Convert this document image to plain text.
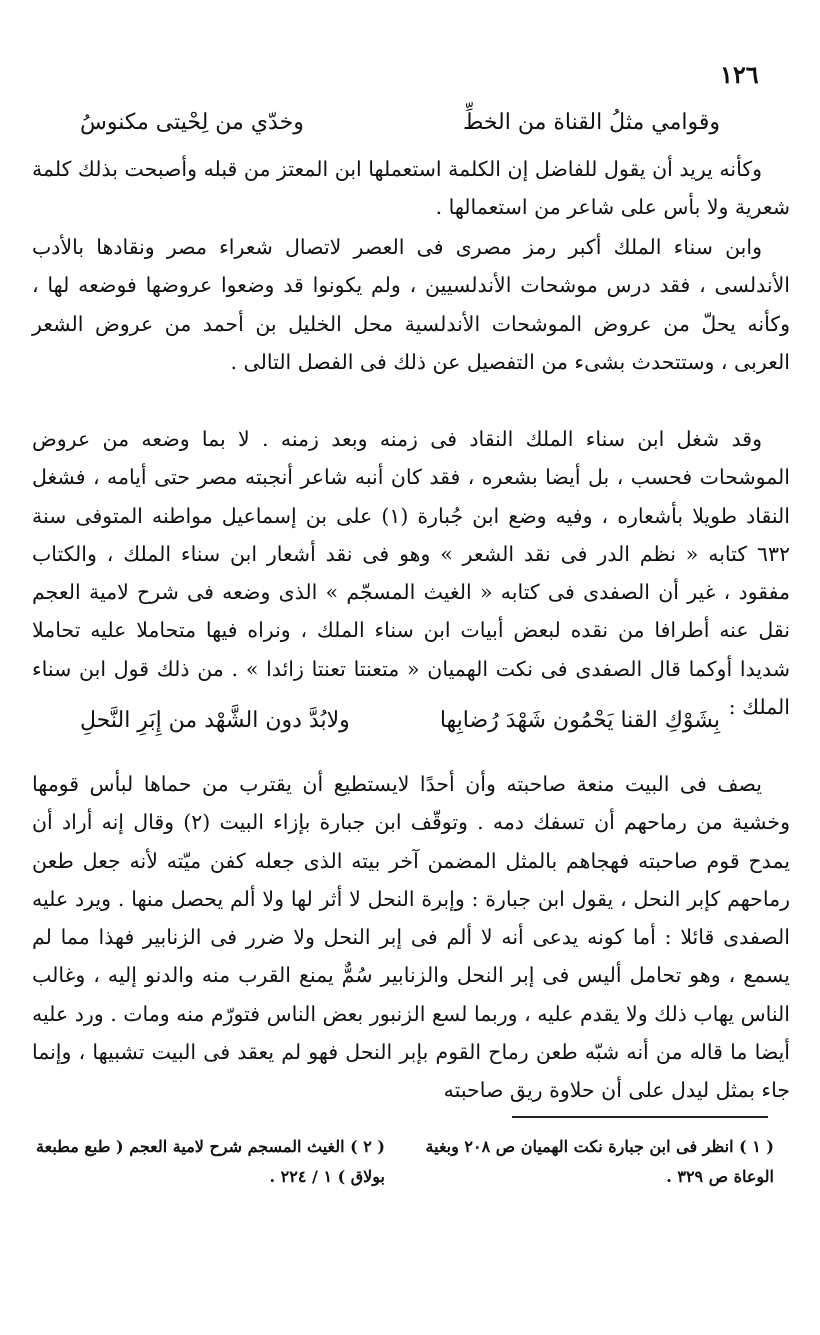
١٢٦
وقوامي مثلُ القناة من الخطِّ
وخدّي من لِحْيتى مكنوسُ

وكأنه يريد أن يقول للفاضل إن الكلمة استعملها ابن المعتز من قبله وأصبحت بذلك كلمة شعرية ولا بأس على شاعر من استعمالها .

وابن سناء الملك أكبر رمز مصرى فى العصر لاتصال شعراء مصر ونقادها بالأدب الأندلسى ، فقد درس موشحات الأندلسيين ، ولم يكونوا قد وضعوا عروضها فوضعه لها ، وكأنه يحلّ من عروض الموشحات الأندلسية محل الخليل بن أحمد من عروض الشعر العربى ، وستتحدث بشىء من التفصيل عن ذلك فى الفصل التالى .

وقد شغل ابن سناء الملك النقاد فى زمنه وبعد زمنه . لا بما وضعه من عروض الموشحات فحسب ، بل أيضا بشعره ، فقد كان أنبه شاعر أنجبته مصر حتى أيامه ، فشغل النقاد طويلا بأشعاره ، وفيه وضع ابن جُبارة (١) على بن إسماعيل مواطنه المتوفى سنة ٦٣٢ كتابه « نظم الدر فى نقد الشعر » وهو فى نقد أشعار ابن سناء الملك ، والكتاب مفقود ، غير أن الصفدى فى كتابه « الغيث المسجّم » الذى وضعه فى شرح لامية العجم نقل عنه أطرافا من نقده لبعض أبيات ابن سناء الملك ، ونراه فيها متحاملا عليه تحاملا شديدا أوكما قال الصفدى فى نكت الهميان « متعنتا تعنتا زائدا » . من ذلك قول ابن سناء الملك :

بِشَوْكِ القنا يَحْمُون شَهْدَ رُضابِها
ولابُدَّ دون الشَّهْد من إِبَرِ النَّحلِ

يصف فى البيت منعة صاحبته وأن أحدًا لايستطيع أن يقترب من حماها لبأس قومها وخشية من رماحهم أن تسفك دمه . وتوقّف ابن جبارة بإزاء البيت (٢) وقال إنه أراد أن يمدح قوم صاحبته فهجاهم بالمثل المضمن آخر بيته الذى جعله كفن ميّته لأنه جعل طعن رماحهم كإبر النحل ، يقول ابن جبارة : وإبرة النحل لا أثر لها ولا ألم يحصل منها . ويرد عليه الصفدى قائلا : أما كونه يدعى أنه لا ألم فى إبر النحل ولا ضرر فى الزنابير فهذا مما لم يسمع ، وهو تحامل أليس فى إبر النحل والزنابير سُمٌّ يمنع القرب منه والدنو إليه ، وغالب الناس يهاب ذلك ولا يقدم عليه ، وربما لسع الزنبور بعض الناس فتورّم منه ومات . ورد عليه أيضا ما قاله من أنه شبّه طعن رماح القوم بإبر النحل فهو لم يعقد فى البيت تشبيها ، وإنما جاء بمثل ليدل على أن حلاوة ريق صاحبته

( ١ ) انظر فى ابن جبارة نكت الهميان ص ٢٠٨ وبغية الوعاة ص ٣٢٩ .
( ٢ ) الغيث المسجم شرح لامية العجم ( طبع مطبعة بولاق ) ١ / ٢٢٤ .
